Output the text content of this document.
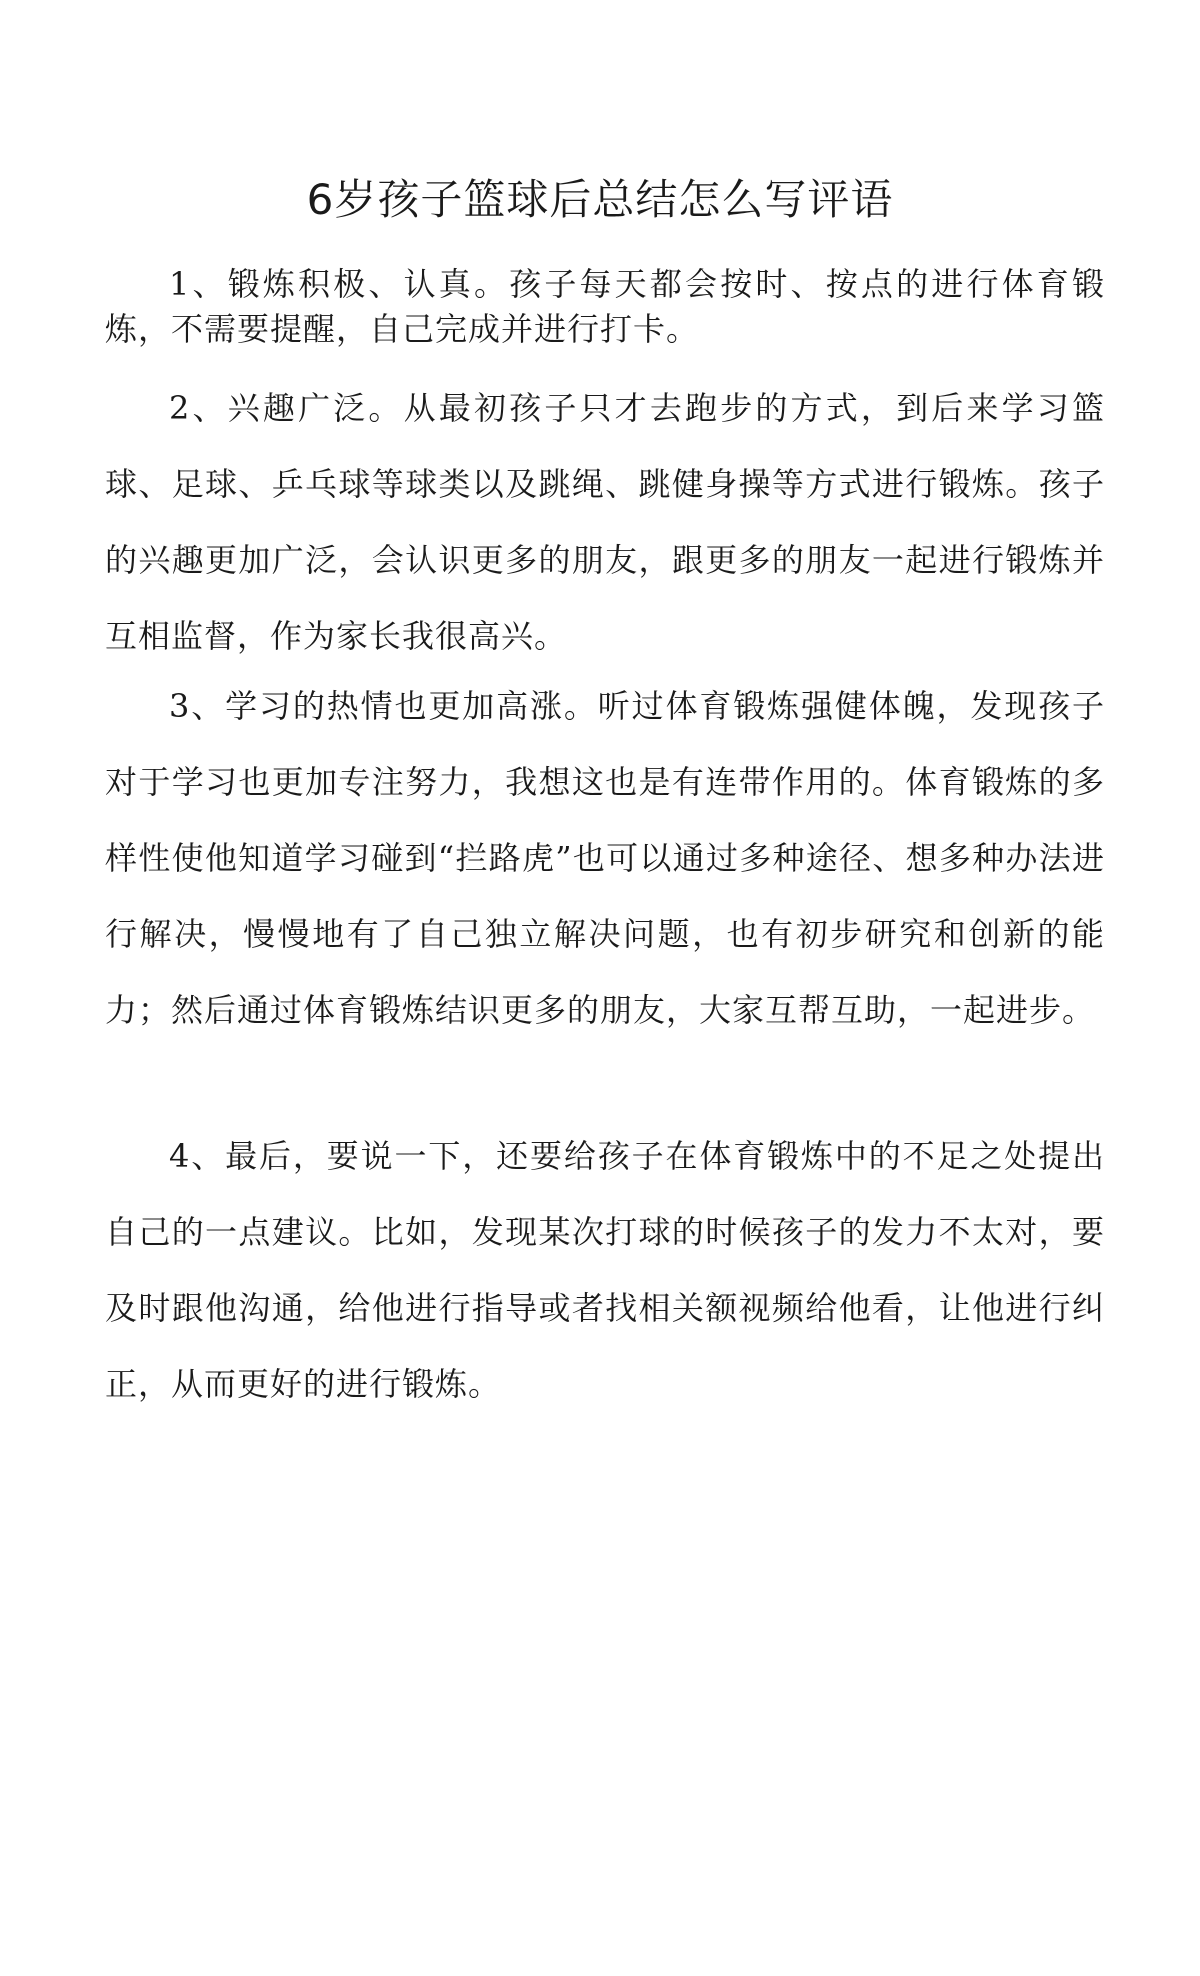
6岁孩子篮球后总结怎么写评语

1、锻炼积极、认真。孩子每天都会按时、按点的进行体育锻炼，不需要提醒，自己完成并进行打卡。

2、兴趣广泛。从最初孩子只才去跑步的方式，到后来学习篮球、足球、乒乓球等球类以及跳绳、跳健身操等方式进行锻炼。孩子的兴趣更加广泛，会认识更多的朋友，跟更多的朋友一起进行锻炼并互相监督，作为家长我很高兴。

3、学习的热情也更加高涨。听过体育锻炼强健体魄，发现孩子对于学习也更加专注努力，我想这也是有连带作用的。体育锻炼的多样性使他知道学习碰到“拦路虎”也可以通过多种途径、想多种办法进行解决，慢慢地有了自己独立解决问题，也有初步研究和创新的能力；然后通过体育锻炼结识更多的朋友，大家互帮互助，一起进步。

4、最后，要说一下，还要给孩子在体育锻炼中的不足之处提出自己的一点建议。比如，发现某次打球的时候孩子的发力不太对，要及时跟他沟通，给他进行指导或者找相关额视频给他看，让他进行纠正，从而更好的进行锻炼。
